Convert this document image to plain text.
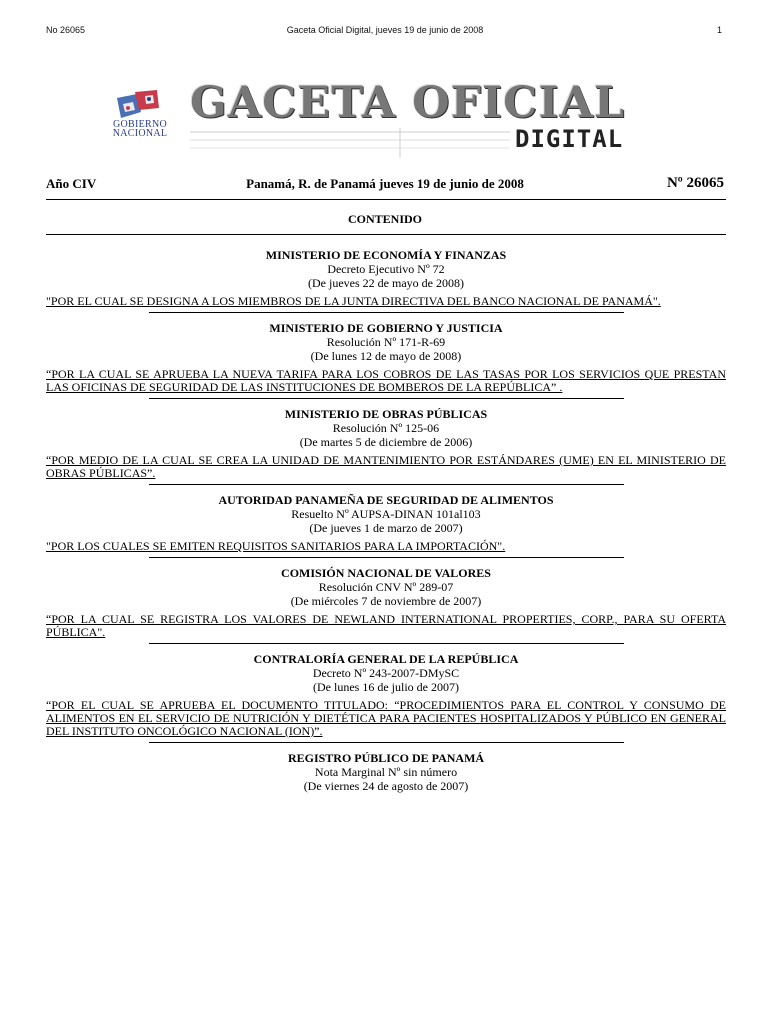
No 26065	Gaceta Oficial Digital, jueves 19 de junio de 2008	1
GOBIERNO
NACIONAL
GACETA OFICIAL
DIGITAL
Año CIV	Panamá, R. de Panamá jueves 19 de junio de 2008	Nº 26065
CONTENIDO
MINISTERIO DE ECONOMÍA Y FINANZAS
Decreto Ejecutivo Nº 72
(De jueves 22 de mayo de 2008)
"POR EL CUAL SE DESIGNA A LOS MIEMBROS DE LA JUNTA DIRECTIVA DEL BANCO NACIONAL DE PANAMÁ".
MINISTERIO DE GOBIERNO Y JUSTICIA
Resolución Nº 171-R-69
(De lunes 12 de mayo de 2008)
“POR LA CUAL SE APRUEBA LA NUEVA TARIFA PARA LOS COBROS DE LAS TASAS POR LOS SERVICIOS QUE PRESTAN LAS OFICINAS DE SEGURIDAD DE LAS INSTITUCIONES DE BOMBEROS DE LA REPÚBLICA” .
MINISTERIO DE OBRAS PÚBLICAS
Resolución Nº 125-06
(De martes 5 de diciembre de 2006)
“POR MEDIO DE LA CUAL SE CREA LA UNIDAD DE MANTENIMIENTO POR ESTÁNDARES (UME) EN EL MINISTERIO DE OBRAS PÚBLICAS”.
AUTORIDAD PANAMEÑA DE SEGURIDAD DE ALIMENTOS
Resuelto Nº AUPSA-DINAN 101al103
(De jueves 1 de marzo de 2007)
"POR LOS CUALES SE EMITEN REQUISITOS SANITARIOS PARA LA IMPORTACIÓN".
COMISIÓN NACIONAL DE VALORES
Resolución CNV Nº 289-07
(De miércoles 7 de noviembre de 2007)
“POR LA CUAL SE REGISTRA LOS VALORES DE NEWLAND INTERNATIONAL PROPERTIES, CORP., PARA SU OFERTA PÚBLICA".
CONTRALORÍA GENERAL DE LA REPÚBLICA
Decreto Nº 243-2007-DMySC
(De lunes 16 de julio de 2007)
“POR EL CUAL SE APRUEBA EL DOCUMENTO TITULADO: “PROCEDIMIENTOS PARA EL CONTROL Y CONSUMO DE ALIMENTOS EN EL SERVICIO DE NUTRICIÓN Y DIETÉTICA PARA PACIENTES HOSPITALIZADOS Y PÚBLICO EN GENERAL DEL INSTITUTO ONCOLÓGICO NACIONAL (ION)”.
REGISTRO PÚBLICO DE PANAMÁ
Nota Marginal Nº sin número
(De viernes 24 de agosto de 2007)
